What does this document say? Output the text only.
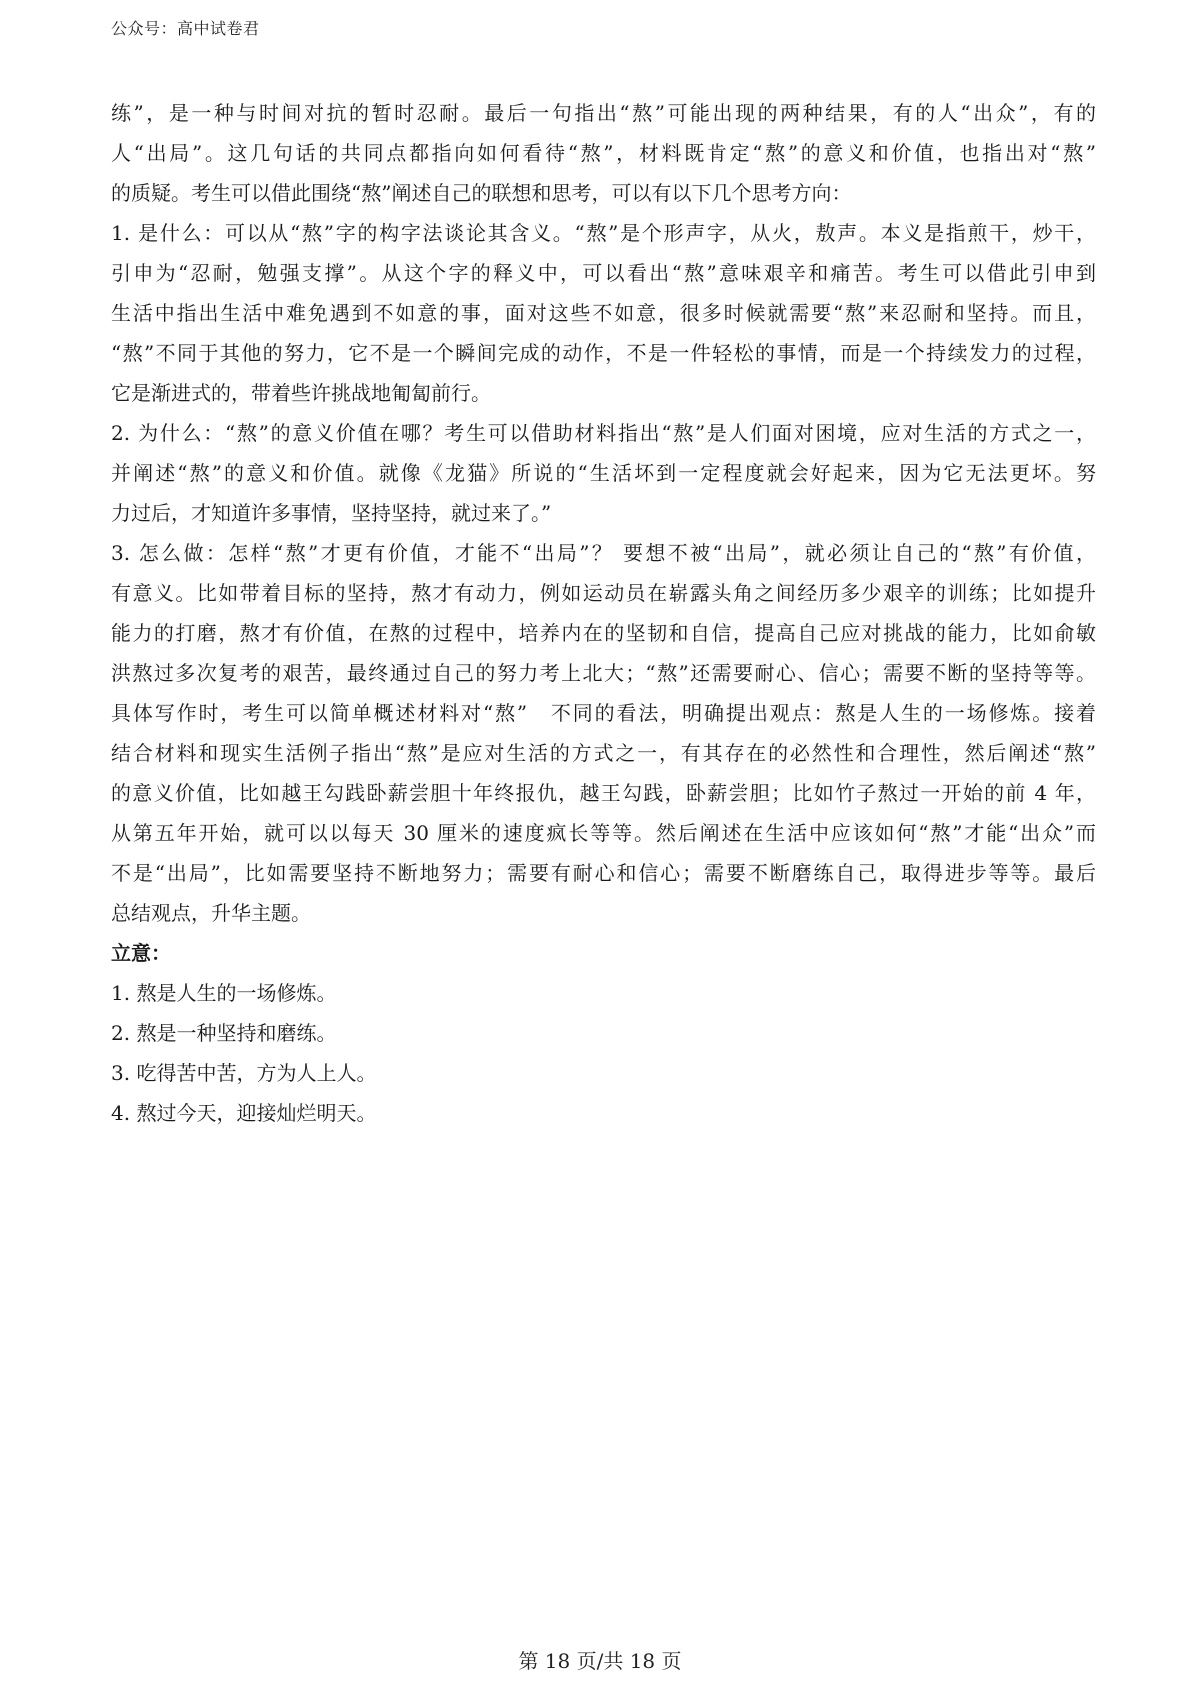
公众号：高中试卷君
练”，是一种与时间对抗的暂时忍耐。最后一句指出“熬”可能出现的两种结果，有的人“出众”，有的
人“出局”。这几句话的共同点都指向如何看待“熬”，材料既肯定“熬”的意义和价值，也指出对“熬”
的质疑。考生可以借此围绕“熬”阐述自己的联想和思考，可以有以下几个思考方向：
1. 是什么：可以从“熬”字的构字法谈论其含义。“熬”是个形声字，从火，敖声。本义是指煎干，炒干，
引申为“忍耐，勉强支撑”。从这个字的释义中，可以看出“熬”意味艰辛和痛苦。考生可以借此引申到
生活中指出生活中难免遇到不如意的事，面对这些不如意，很多时候就需要“熬”来忍耐和坚持。而且，
“熬”不同于其他的努力，它不是一个瞬间完成的动作，不是一件轻松的事情，而是一个持续发力的过程，
它是渐进式的，带着些许挑战地匍匐前行。
2. 为什么：“熬”的意义价值在哪？考生可以借助材料指出“熬”是人们面对困境，应对生活的方式之一，
并阐述“熬”的意义和价值。就像《龙猫》所说的“生活坏到一定程度就会好起来，因为它无法更坏。努
力过后，才知道许多事情，坚持坚持，就过来了。”
3. 怎么做：怎样“熬”才更有价值，才能不“出局”？ 要想不被“出局”，就必须让自己的“熬”有价值，
有意义。比如带着目标的坚持，熬才有动力，例如运动员在崭露头角之间经历多少艰辛的训练；比如提升
能力的打磨，熬才有价值，在熬的过程中，培养内在的坚韧和自信，提高自己应对挑战的能力，比如俞敏
洪熬过多次复考的艰苦，最终通过自己的努力考上北大；“熬”还需要耐心、信心；需要不断的坚持等等。
具体写作时，考生可以简单概述材料对“熬”　不同的看法，明确提出观点：熬是人生的一场修炼。接着
结合材料和现实生活例子指出“熬”是应对生活的方式之一，有其存在的必然性和合理性，然后阐述“熬”
的意义价值，比如越王勾践卧薪尝胆十年终报仇，越王勾践，卧薪尝胆；比如竹子熬过一开始的前 4 年，
从第五年开始，就可以以每天 30 厘米的速度疯长等等。然后阐述在生活中应该如何“熬”才能“出众”而
不是“出局”，比如需要坚持不断地努力；需要有耐心和信心；需要不断磨练自己，取得进步等等。最后
总结观点，升华主题。
立意：
1. 熬是人生的一场修炼。
2. 熬是一种坚持和磨练。
3. 吃得苦中苦，方为人上人。
4. 熬过今天，迎接灿烂明天。
第 18 页/共 18 页
